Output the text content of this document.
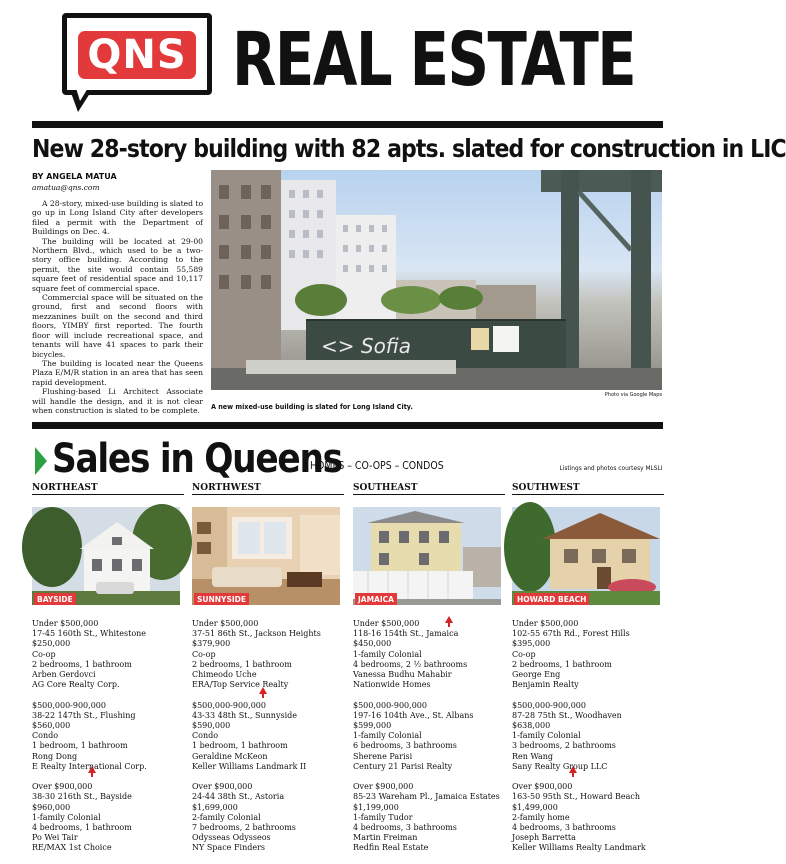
QNS REAL ESTATE
New 28-story building with 82 apts. slated for construction in LIC
BY ANGELA MATUA
amatua@qns.com

A 28-story, mixed-use building is slated to go up in Long Island City after developers filed a permit with the Department of Buildings on Dec. 4.

The building will be located at 29-00 Northern Blvd., which used to be a two-story office building. According to the permit, the site would contain 55,589 square feet of residential space and 10,117 square feet of commercial space.

Commercial space will be situated on the ground, first and second floors with mezzanines built on the second and third floors, YIMBY first reported. The fourth floor will include recreational space, and tenants will have 41 spaces to park their bicycles.

The building is located near the Queens Plaza E/M/R station in an area that has seen rapid development.

Flushing-based Li Architect Associate will handle the design, and it is not clear when construction is slated to be complete.

<> Sofia
Photo via Google Maps
A new mixed-use building is slated for Long Island City.
Sales in Queens
HOMES – CO-OPS – CONDOS	Listings and photos courtesy MLSLI
NORTHEAST
BAYSIDE
Under $500,000
17-45 160th St., Whitestone
$250,000
Co-op
2 bedrooms, 1 bathroom
Arben Gerdovci
AG Core Realty Corp.
$500,000-900,000
38-22 147th St., Flushing
$560,000
Condo
1 bedroom, 1 bathroom
Rong Dong
E Realty International Corp.
Over $900,000
38-30 216th St., Bayside
$960,000
1-family Colonial
4 bedrooms, 1 bathroom
Po Wei Tair
RE/MAX 1st Choice
NORTHWEST
SUNNYSIDE
Under $500,000
37-51 86th St., Jackson Heights
$379,900
Co-op
2 bedrooms, 1 bathroom
Chimeodo Uche
ERA/Top Service Realty
$500,000-900,000
43-33 48th St., Sunnyside
$590,000
Condo
1 bedroom, 1 bathroom
Geraldine McKeon
Keller Williams Landmark II
Over $900,000
24-44 38th St., Astoria
$1,699,000
2-family Colonial
7 bedrooms, 2 bathrooms
Odysseas Odysseos
NY Space Finders
SOUTHEAST
JAMAICA
Under $500,000
118-16 154th St., Jamaica
$450,000
1-family Colonial
4 bedrooms, 2 ½ bathrooms
Vanessa Budhu Mahabir
Nationwide Homes
$500,000-900,000
197-16 104th Ave., St. Albans
$599,000
1-family Colonial
6 bedrooms, 3 bathrooms
Sherene Parisi
Century 21 Parisi Realty
Over $900,000
85-23 Wareham Pl., Jamaica Estates
$1,199,000
1-family Tudor
4 bedrooms, 3 bathrooms
Martin Freiman
Redfin Real Estate
SOUTHWEST
HOWARD BEACH
Under $500,000
102-55 67th Rd., Forest Hills
$395,000
Co-op
2 bedrooms, 1 bathroom
George Eng
Benjamin Realty
$500,000-900,000
87-28 75th St., Woodhaven
$638,000
1-family Colonial
3 bedrooms, 2 bathrooms
Ren Wang
Sany Realty Group LLC
Over $900,000
163-50 95th St., Howard Beach
$1,499,000
2-family home
4 bedrooms, 3 bathrooms
Joseph Barretta
Keller Williams Realty Landmark
